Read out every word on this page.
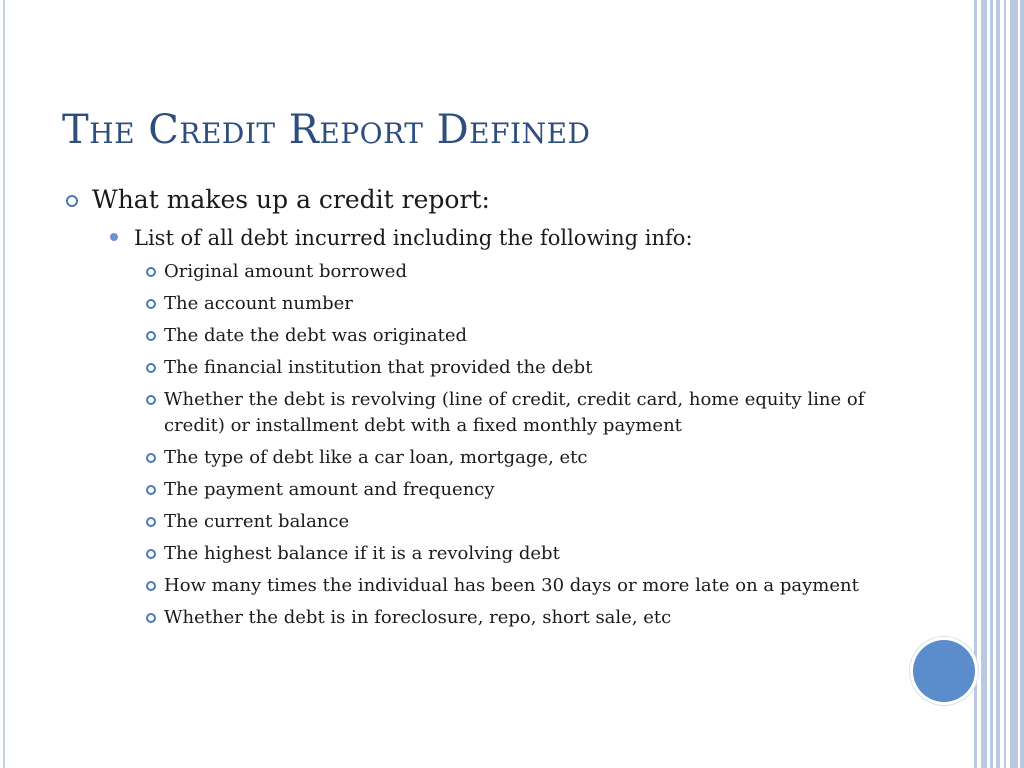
The Credit Report Defined
What makes up a credit report:
List of all debt incurred including the following info:
Original amount borrowed
The account number
The date the debt was originated
The financial institution that provided the debt
Whether the debt is revolving (line of credit, credit card, home equity line of credit) or installment debt with a fixed monthly payment
The type of debt like a car loan, mortgage, etc
The payment amount and frequency
The current balance
The highest balance if it is a revolving debt
How many times the individual has been 30 days or more late on a payment
Whether the debt is in foreclosure, repo, short sale, etc
